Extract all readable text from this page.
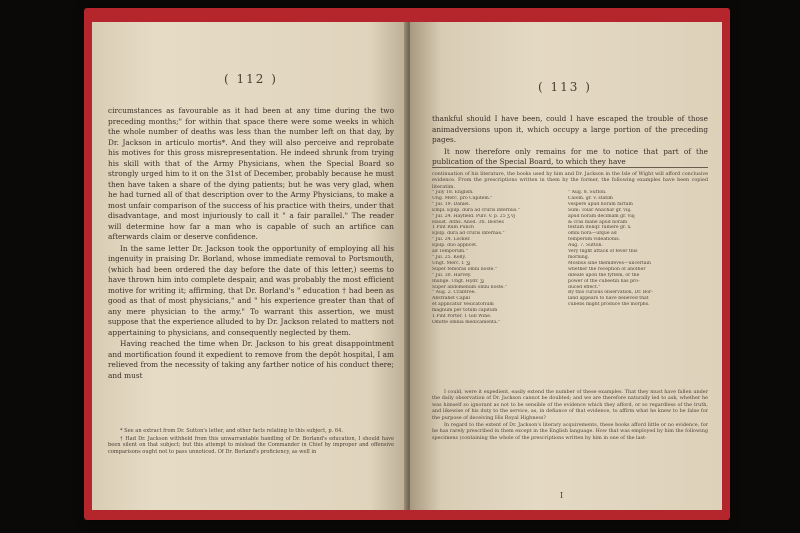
( 112 )

circumstances as favourable as it had been at any time during the two preceding months;" for within that space there were some weeks in which the whole number of deaths was less than the number left on that day, by Dr. Jackson in articulo mortis*. And they will also perceive and reprobate his motives for this gross misrepresentation. He indeed shrunk from trying his skill with that of the Army Physicians, when the Special Board so strongly urged him to it on the 31st of December, probably because he must then have taken a share of the dying patients; but he was very glad, when he had turned all of that description over to the Army Physicians, to make a most unfair comparison of the success of his practice with theirs, under that disadvantage, and most injuriously to call it " a fair parallel." The reader will determine how far a man who is capable of such an artifice can afterwards claim or deserve confidence.

In the same letter Dr. Jackson took the opportunity of employing all his ingenuity in praising Dr. Borland, whose immediate removal to Portsmouth, (which had been ordered the day before the date of this letter,) seems to have thrown him into complete despair, and was probably the most efficient motive for writing it; affirming, that Dr. Borland's " education † had been as good as that of most physicians," and " his experience greater than that of any mere physician to the army." To warrant this assertion, we must suppose that the experience alluded to by Dr. Jackson related to matters not appertaining to physicians, and consequently neglected by them.

Having reached the time when Dr. Jackson to his great disappointment and mortification found it expedient to remove from the depôt hospital, I am relieved from the necessity of taking any farther notice of his conduct there; and must

* See an extract from Dr. Sutton's letter, and other facts relating to this subject, p. 64.

† Had Dr. Jackson withheld from this unwarrantable handling of Dr. Borland's education, I should have been silent on that subject; but this attempt to mislead the Commander in Chief by improper and offensive comparisons ought not to pass unnoticed. Of Dr. Borland's proficiency, as well in

( 113 )

thankful should I have been, could I have escaped the trouble of those animadversions upon it, which occupy a large portion of the preceding pages.

It now therefore only remains for me to notice that part of the publication of the Special Board, to which they have

continuation of his literature, the books used by him and Dr. Jackson in the Isle of Wight will afford conclusive evidence. From the prescriptions written in them by the former, the following examples have been copied literatim.

" July 18. English.
Ung. Merc. pro Capitem."
" Jul. 19. Daniel.
Empl. Epilp. dura ad cruris internus."
" Jul. 24. Hayfield. Pulv. V. p. 25 ʒ vj
Haust. Æths. Anod. 3tl. Ibories
1 Pint Rum Punch
Epilp. dura ad cruris internas."
" Jul. 24. Locker.
Epilp. duo applicet.
ad Temporum."
" Jul. 25. Kelly.
Ungt. Merc. f. ʒj
Super femoras omni noste."
" Jul. 30. Harvey.
Inunge. Ungt. Hydr. ʒj
Super abdomenum omni noste."
" Aug. 2. Crabtree.
Abstrahet Capill
et applicatur Vesicatorium
magnum per totum capitum
1 Pint Porter, 1 Gill Wine.
Omitte omnia medicamenta."
" Aug. 8. Sutton.
Calom. gr. v. statim
vespere apud horam fartam
Sum: Tolar Anachar gr. viij.
apud horam decimam gr. viij
& cras mane apud horam
fextam iteliqr. fumere gr. x.
omni hora—ufque ad
temperum videafionis.
Aug. 7. Sutton.
Very flight attack of fever this
morning.
Mosbus sine themifeves—uncertain
whether the reception of another
difeafe upon the fyftem, or the
power of the cubeetin has pro-
duced effect."
By this curious observation, Dr. Bor-
land appears to have believed that
cubebs might produce the morphs.

I could, were it expedient, easily extend the number of these examples. That they must have fallen under the daily observation of Dr. Jackson cannot be doubted; and we are therefore naturally led to ask, whether he was himself so ignorant as not to be sensible of the evidence which they afford, or so regardless of the truth, and likewise of his duty to the service, as, in defiance of that evidence, to affirm what he knew to be false for the purpose of deceiving His Royal Highness?

In regard to the extent of Dr. Jackson's literary acquirements, these books afford little or no evidence, for he has rarely prescribed in them except in the English language. How that was employed by him the following specimens (containing the whole of the prescriptions written by him in one of the last-

I
